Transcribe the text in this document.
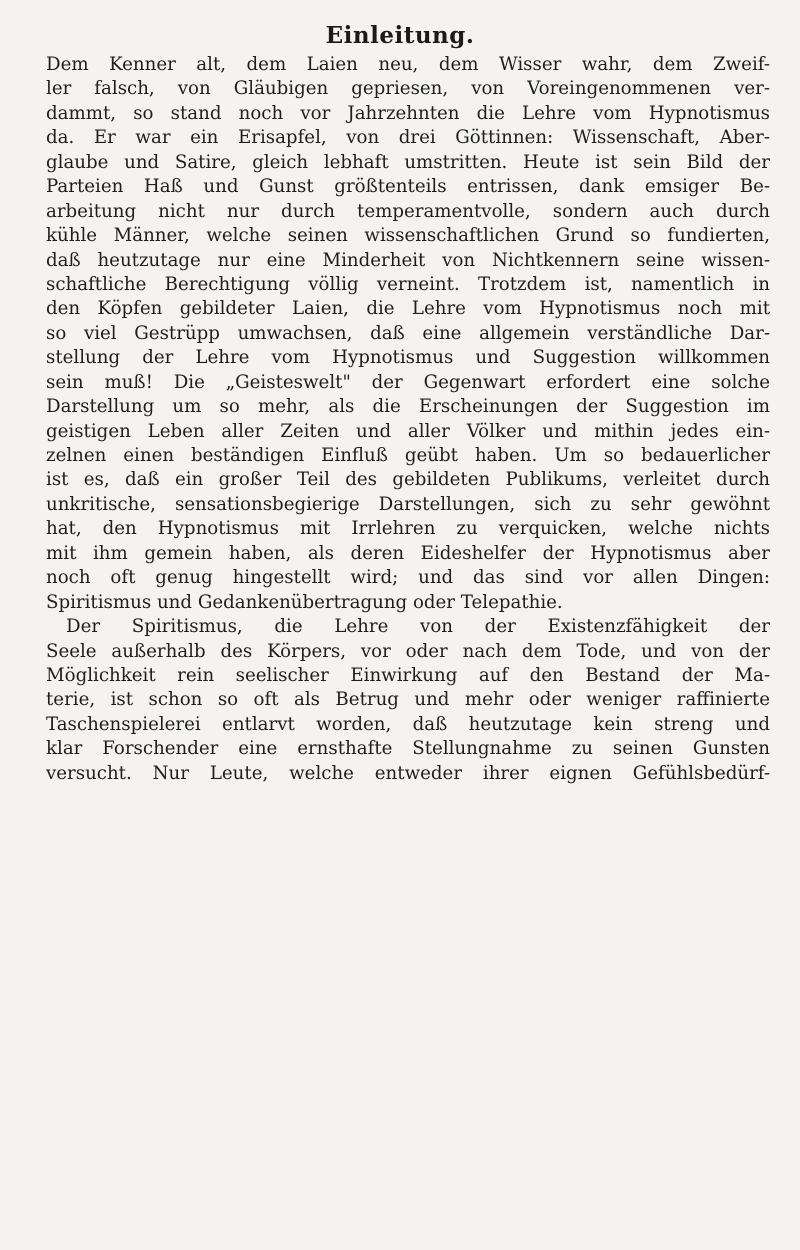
Einleitung.
Dem Kenner alt, dem Laien neu, dem Wisser wahr, dem Zweif-
ler falsch, von Gläubigen gepriesen, von Voreingenommenen ver-
dammt, so stand noch vor Jahrzehnten die Lehre vom Hypnotismus
da. Er war ein Erisapfel, von drei Göttinnen: Wissenschaft, Aber-
glaube und Satire, gleich lebhaft umstritten. Heute ist sein Bild der
Parteien Haß und Gunst größtenteils entrissen, dank emsiger Be-
arbeitung nicht nur durch temperamentvolle, sondern auch durch
kühle Männer, welche seinen wissenschaftlichen Grund so fundierten,
daß heutzutage nur eine Minderheit von Nichtkennern seine wissen-
schaftliche Berechtigung völlig verneint. Trotzdem ist, namentlich in
den Köpfen gebildeter Laien, die Lehre vom Hypnotismus noch mit
so viel Gestrüpp umwachsen, daß eine allgemein verständliche Dar-
stellung der Lehre vom Hypnotismus und Suggestion willkommen
sein muß! Die „Geisteswelt" der Gegenwart erfordert eine solche
Darstellung um so mehr, als die Erscheinungen der Suggestion im
geistigen Leben aller Zeiten und aller Völker und mithin jedes ein-
zelnen einen beständigen Einfluß geübt haben. Um so bedauerlicher
ist es, daß ein großer Teil des gebildeten Publikums, verleitet durch
unkritische, sensationsbegierige Darstellungen, sich zu sehr gewöhnt
hat, den Hypnotismus mit Irrlehren zu verquicken, welche nichts
mit ihm gemein haben, als deren Eideshelfer der Hypnotismus aber
noch oft genug hingestellt wird; und das sind vor allen Dingen:
Spiritismus und Gedankenübertragung oder Telepathie.
Der Spiritismus, die Lehre von der Existenzfähigkeit der
Seele außerhalb des Körpers, vor oder nach dem Tode, und von der
Möglichkeit rein seelischer Einwirkung auf den Bestand der Ma-
terie, ist schon so oft als Betrug und mehr oder weniger raffinierte
Taschenspielerei entlarvt worden, daß heutzutage kein streng und
klar Forschender eine ernsthafte Stellungnahme zu seinen Gunsten
versucht. Nur Leute, welche entweder ihrer eignen Gefühlsbedürf-
